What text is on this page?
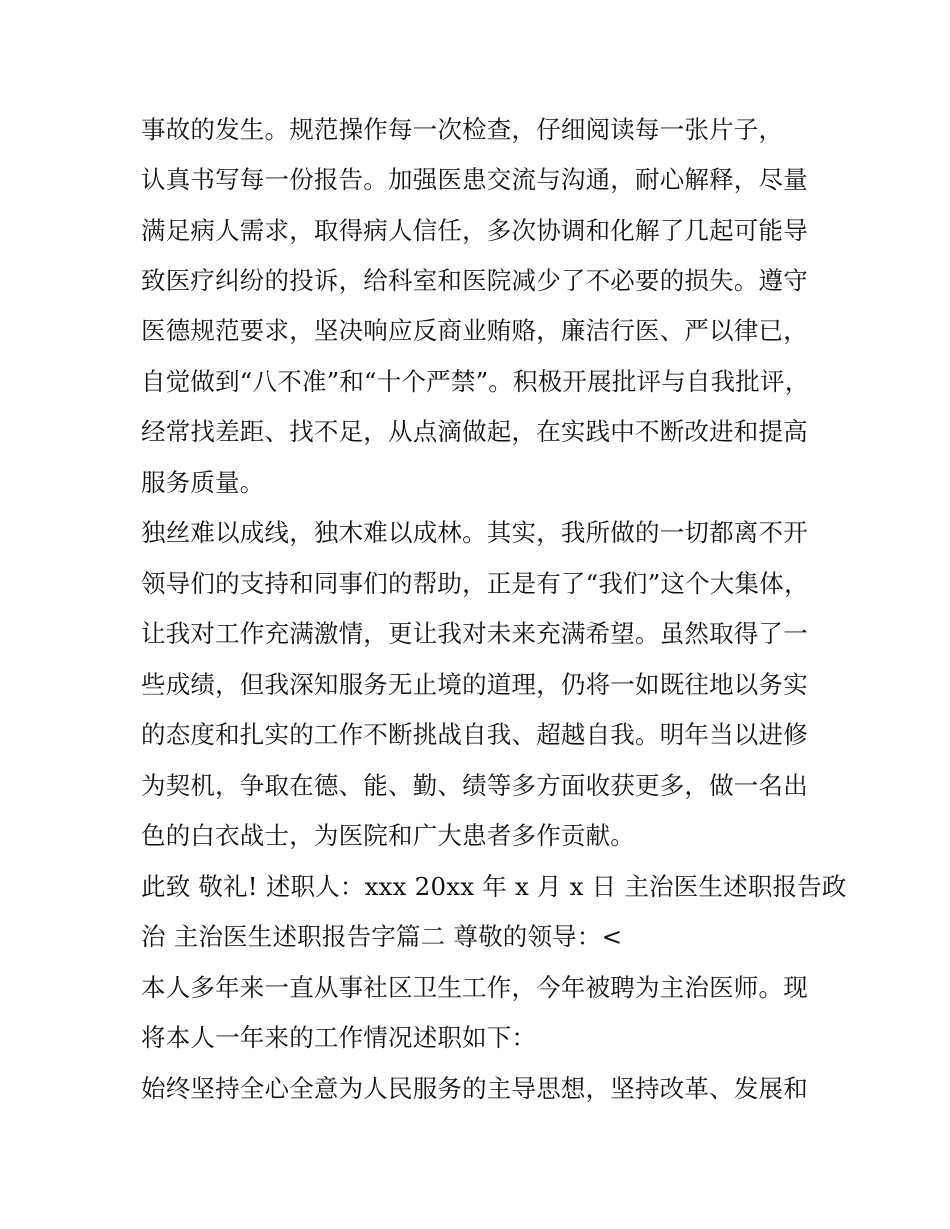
事故的发生。规范操作每一次检查，仔细阅读每一张片子，
认真书写每一份报告。加强医患交流与沟通，耐心解释，尽量
满足病人需求，取得病人信任，多次协调和化解了几起可能导
致医疗纠纷的投诉，给科室和医院减少了不必要的损失。遵守
医德规范要求，坚决响应反商业贿赂，廉洁行医、严以律已，
自觉做到“八不准”和“十个严禁”。积极开展批评与自我批评，
经常找差距、找不足，从点滴做起，在实践中不断改进和提高
服务质量。
独丝难以成线，独木难以成林。其实，我所做的一切都离不开
领导们的支持和同事们的帮助，正是有了“我们”这个大集体，
让我对工作充满激情，更让我对未来充满希望。虽然取得了一
些成绩，但我深知服务无止境的道理，仍将一如既往地以务实
的态度和扎实的工作不断挑战自我、超越自我。明年当以进修
为契机，争取在德、能、勤、绩等多方面收获更多，做一名出
色的白衣战士，为医院和广大患者多作贡献。
此致 敬礼! 述职人：xxx 20xx 年 x 月 x 日 主治医生述职报告政
治 主治医生述职报告字篇二 尊敬的领导：<
本人多年来一直从事社区卫生工作，今年被聘为主治医师。现
将本人一年来的工作情况述职如下：
始终坚持全心全意为人民服务的主导思想，坚持改革、发展和
